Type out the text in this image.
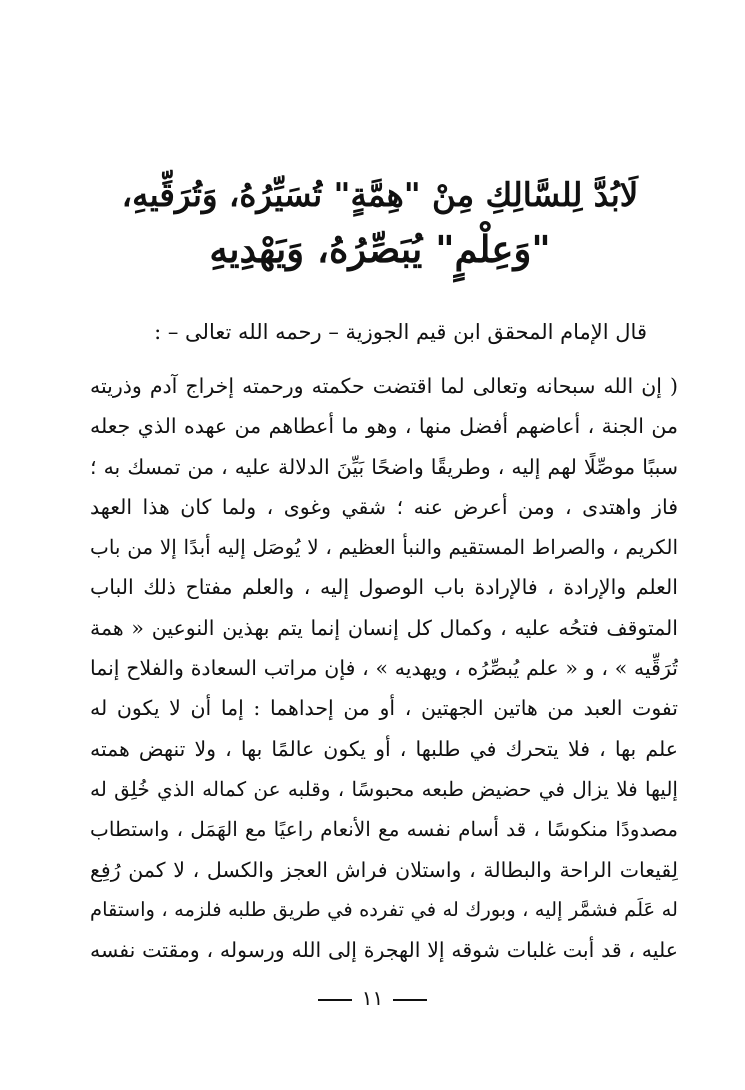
لَابُدَّ لِلسَّالِكِ مِنْ "هِمَّةٍ" تُسَيِّرُهُ، وَتُرَقِّيهِ،
"وَعِلْمٍ" يُبَصِّرُهُ، وَيَهْدِيهِ
قال الإمام المحقق ابن قيم الجوزية – رحمه الله تعالى – :
( إن الله سبحانه وتعالى لما اقتضت حكمته ورحمته إخراج آدم وذريته
من الجنة ، أعاضهم أفضل منها ، وهو ما أعطاهم من عهده الذي جعله
سببًا موصِّلًا لهم إليه ، وطريقًا واضحًا بَيِّنَ الدلالة عليه ، من تمسك به ؛
فاز واهتدى ، ومن أعرض عنه ؛ شقي وغوى ، ولما كان هذا العهد
الكريم ، والصراط المستقيم والنبأ العظيم ، لا يُوصَل إليه أبدًا إلا من باب
العلم والإرادة ، فالإرادة باب الوصول إليه ، والعلم مفتاح ذلك الباب
المتوقف فتحُه عليه ، وكمال كل إنسان إنما يتم بهذين النوعين « همة
تُرَقِّيه » ، و « علم يُبصِّرُه ، ويهديه » ، فإن مراتب السعادة والفلاح إنما
تفوت العبد من هاتين الجهتين ، أو من إحداهما : إما أن لا يكون له
علم بها ، فلا يتحرك في طلبها ، أو يكون عالمًا بها ، ولا تنهض همته
إليها فلا يزال في حضيض طبعه محبوسًا ، وقلبه عن كماله الذي خُلِق له
مصدودًا منكوسًا ، قد أسام نفسه مع الأنعام راعيًا مع الهَمَل ، واستطاب
لِقيعات الراحة والبطالة ، واستلان فراش العجز والكسل ، لا كمن رُفِع
له عَلَم فشمَّر إليه ، وبورك له في تفرده في طريق طلبه فلزمه ، واستقام
عليه ، قد أبت غلبات شوقه إلا الهجرة إلى الله ورسوله ، ومقتت نفسه
١١
